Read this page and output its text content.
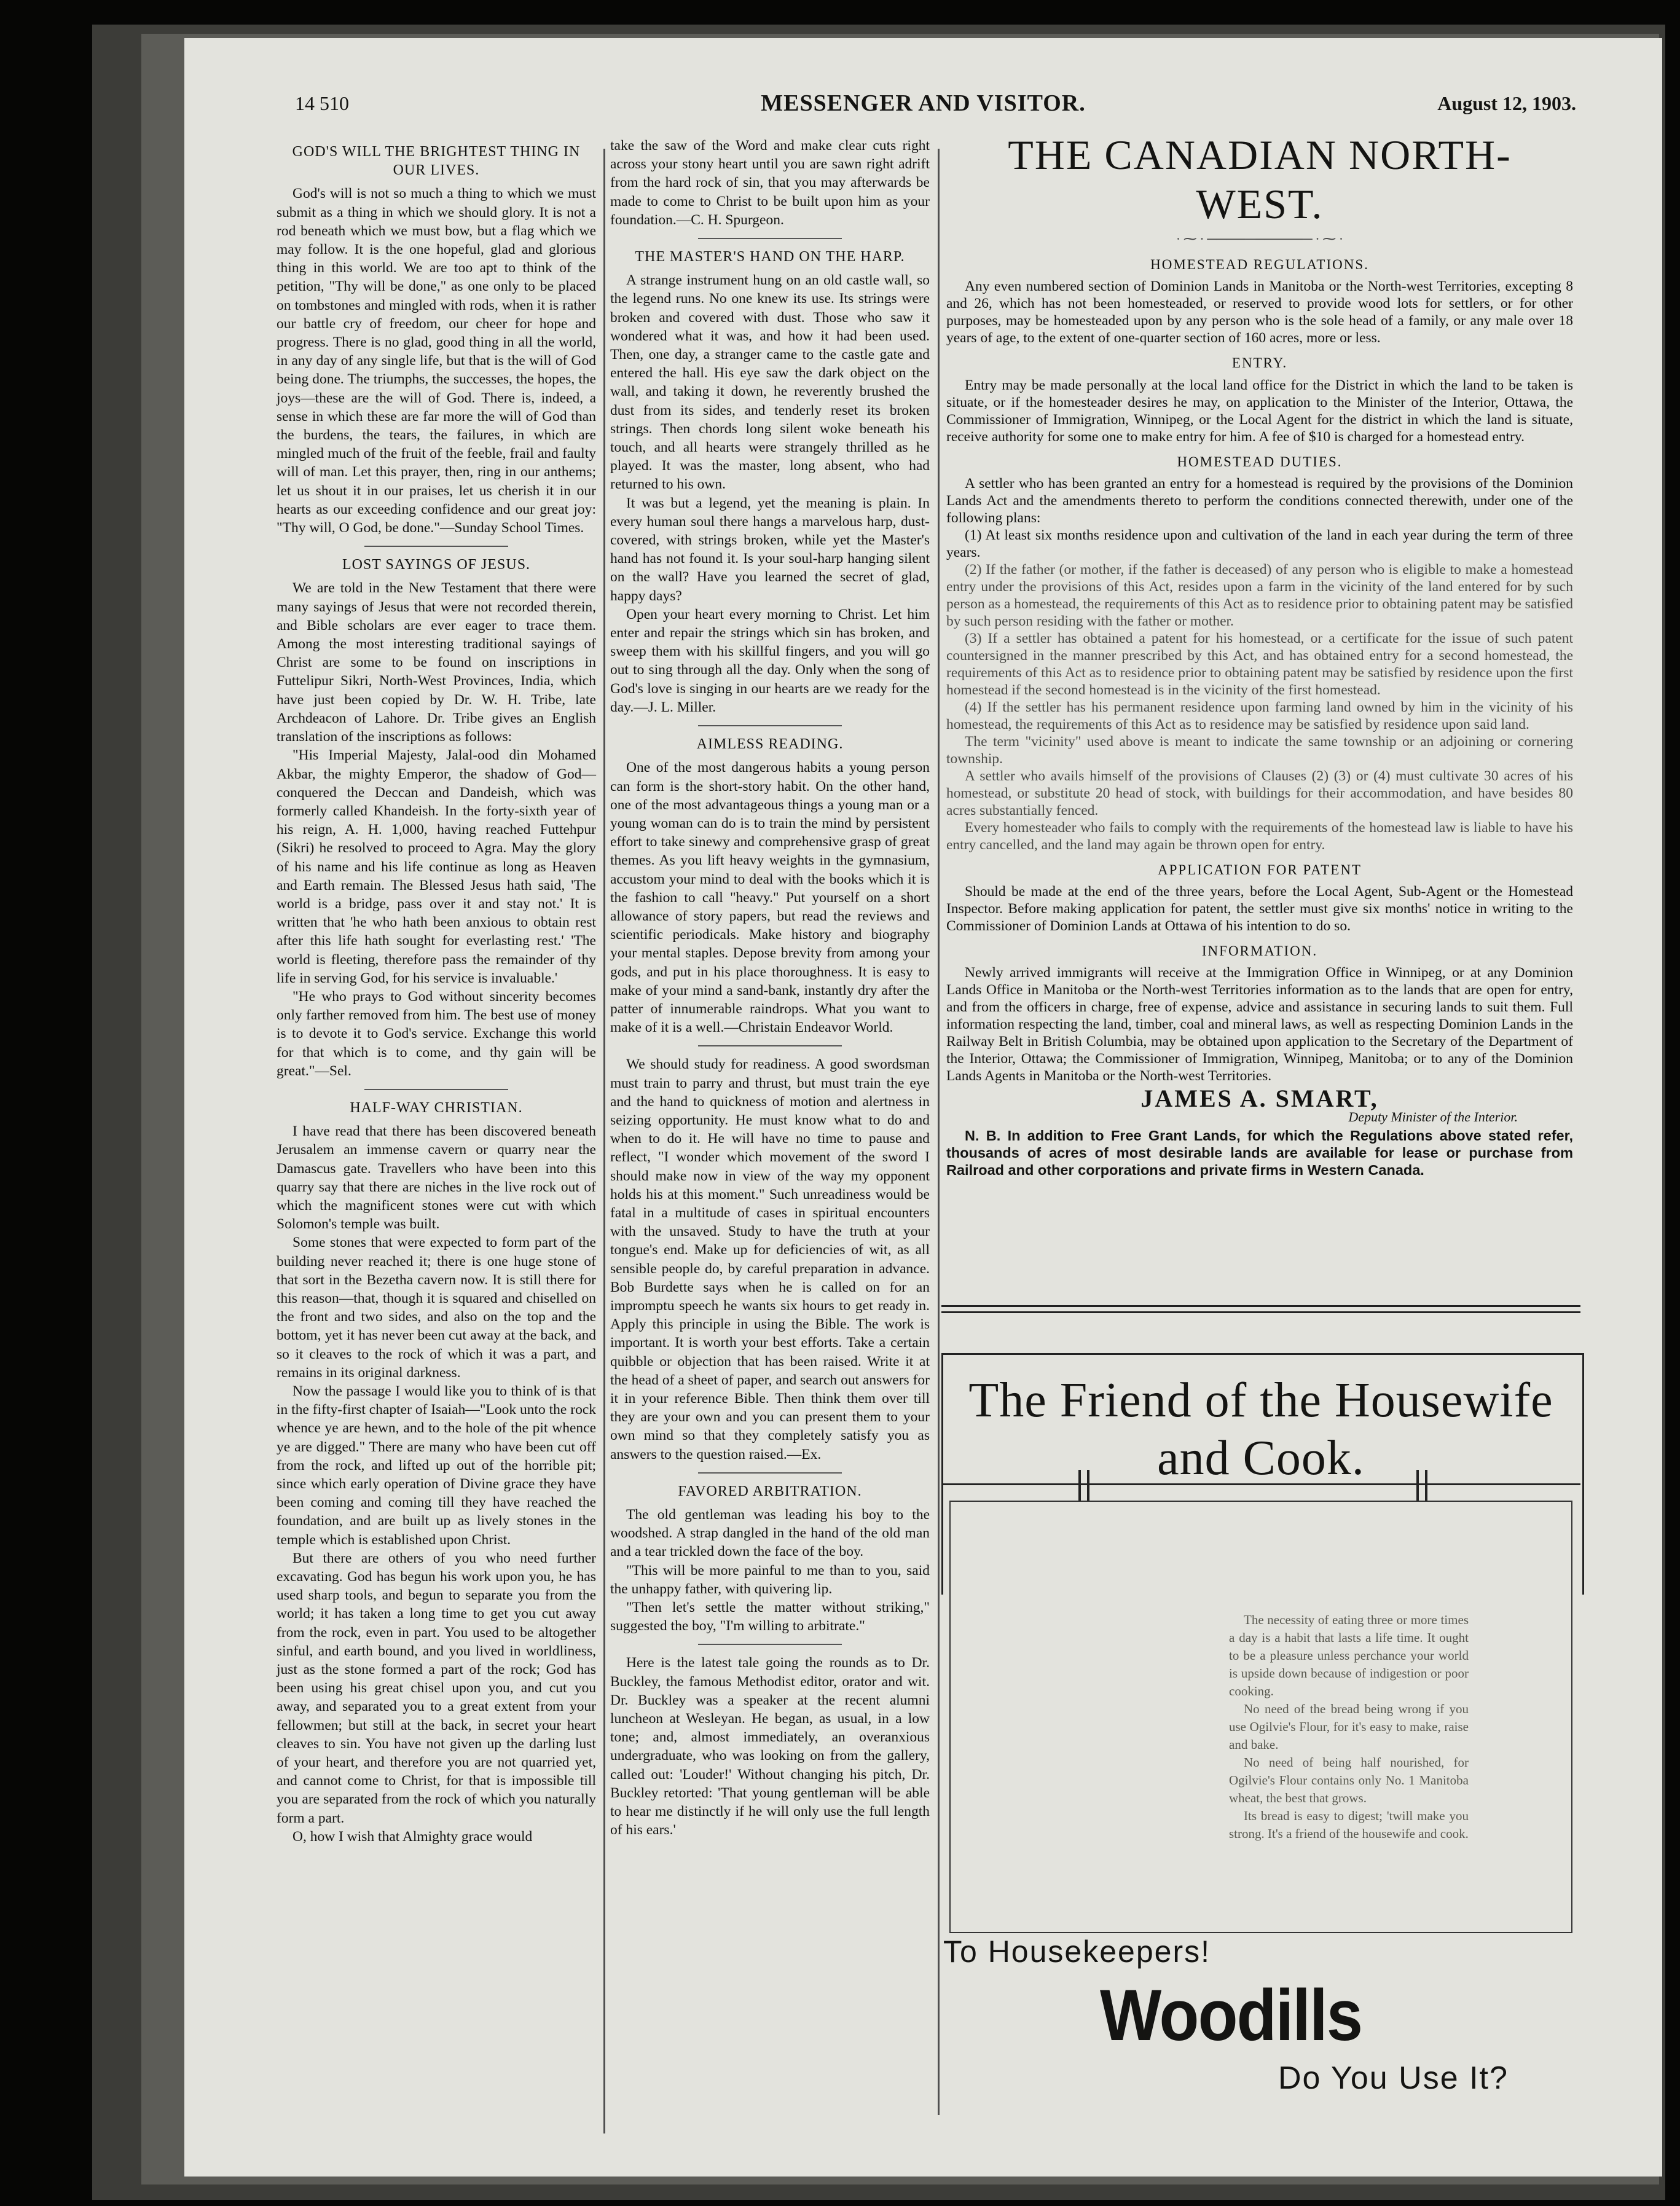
14 510	MESSENGER AND VISITOR.	August 12, 1903.
GOD'S WILL THE BRIGHTEST THING IN OUR LIVES.

God's will is not so much a thing to which we must submit as a thing in which we should glory. It is not a rod beneath which we must bow, but a flag which we may follow. It is the one hopeful, glad and glorious thing in this world. We are too apt to think of the petition, "Thy will be done," as one only to be placed on tombstones and mingled with rods, when it is rather our battle cry of freedom, our cheer for hope and progress. There is no glad, good thing in all the world, in any day of any single life, but that is the will of God being done. The triumphs, the successes, the hopes, the joys—these are the will of God. There is, indeed, a sense in which these are far more the will of God than the burdens, the tears, the failures, in which are mingled much of the fruit of the feeble, frail and faulty will of man. Let this prayer, then, ring in our anthems; let us shout it in our praises, let us cherish it in our hearts as our exceeding confidence and our great joy: "Thy will, O God, be done."—Sunday School Times.

LOST SAYINGS OF JESUS.

We are told in the New Testament that there were many sayings of Jesus that were not recorded therein, and Bible scholars are ever eager to trace them. Among the most interesting traditional sayings of Christ are some to be found on inscriptions in Futtelipur Sikri, North-West Provinces, India, which have just been copied by Dr. W. H. Tribe, late Archdeacon of Lahore. Dr. Tribe gives an English translation of the inscriptions as follows:

"His Imperial Majesty, Jalal-ood din Mohamed Akbar, the mighty Emperor, the shadow of God—conquered the Deccan and Dandeish, which was formerly called Khandeish. In the forty-sixth year of his reign, A. H. 1,000, having reached Futtehpur (Sikri) he resolved to proceed to Agra. May the glory of his name and his life continue as long as Heaven and Earth remain. The Blessed Jesus hath said, 'The world is a bridge, pass over it and stay not.' It is written that 'he who hath been anxious to obtain rest after this life hath sought for everlasting rest.' 'The world is fleeting, therefore pass the remainder of thy life in serving God, for his service is invaluable.'

"He who prays to God without sincerity becomes only farther removed from him. The best use of money is to devote it to God's service. Exchange this world for that which is to come, and thy gain will be great."—Sel.

HALF-WAY CHRISTIAN.

I have read that there has been discovered beneath Jerusalem an immense cavern or quarry near the Damascus gate. Travellers who have been into this quarry say that there are niches in the live rock out of which the magnificent stones were cut with which Solomon's temple was built.

Some stones that were expected to form part of the building never reached it; there is one huge stone of that sort in the Bezetha cavern now. It is still there for this reason—that, though it is squared and chiselled on the front and two sides, and also on the top and the bottom, yet it has never been cut away at the back, and so it cleaves to the rock of which it was a part, and remains in its original darkness.

Now the passage I would like you to think of is that in the fifty-first chapter of Isaiah—"Look unto the rock whence ye are hewn, and to the hole of the pit whence ye are digged." There are many who have been cut off from the rock, and lifted up out of the horrible pit; since which early operation of Divine grace they have been coming and coming till they have reached the foundation, and are built up as lively stones in the temple which is established upon Christ.

But there are others of you who need further excavating. God has begun his work upon you, he has used sharp tools, and begun to separate you from the world; it has taken a long time to get you cut away from the rock, even in part. You used to be altogether sinful, and earth bound, and you lived in worldliness, just as the stone formed a part of the rock; God has been using his great chisel upon you, and cut you away, and separated you to a great extent from your fellowmen; but still at the back, in secret your heart cleaves to sin. You have not given up the darling lust of your heart, and therefore you are not quarried yet, and cannot come to Christ, for that is impossible till you are separated from the rock of which you naturally form a part.

O, how I wish that Almighty grace would

take the saw of the Word and make clear cuts right across your stony heart until you are sawn right adrift from the hard rock of sin, that you may afterwards be made to come to Christ to be built upon him as your foundation.—C. H. Spurgeon.

THE MASTER'S HAND ON THE HARP.

A strange instrument hung on an old castle wall, so the legend runs. No one knew its use. Its strings were broken and covered with dust. Those who saw it wondered what it was, and how it had been used. Then, one day, a stranger came to the castle gate and entered the hall. His eye saw the dark object on the wall, and taking it down, he reverently brushed the dust from its sides, and tenderly reset its broken strings. Then chords long silent woke beneath his touch, and all hearts were strangely thrilled as he played. It was the master, long absent, who had returned to his own.

It was but a legend, yet the meaning is plain. In every human soul there hangs a marvelous harp, dust-covered, with strings broken, while yet the Master's hand has not found it. Is your soul-harp hanging silent on the wall? Have you learned the secret of glad, happy days?

Open your heart every morning to Christ. Let him enter and repair the strings which sin has broken, and sweep them with his skillful fingers, and you will go out to sing through all the day. Only when the song of God's love is singing in our hearts are we ready for the day.—J. L. Miller.

AIMLESS READING.

One of the most dangerous habits a young person can form is the short-story habit. On the other hand, one of the most advantageous things a young man or a young woman can do is to train the mind by persistent effort to take sinewy and comprehensive grasp of great themes. As you lift heavy weights in the gymnasium, accustom your mind to deal with the books which it is the fashion to call "heavy." Put yourself on a short allowance of story papers, but read the reviews and scientific periodicals. Make history and biography your mental staples. Depose brevity from among your gods, and put in his place thoroughness. It is easy to make of your mind a sand-bank, instantly dry after the patter of innumerable raindrops. What you want to make of it is a well.—Christain Endeavor World.

We should study for readiness. A good swordsman must train to parry and thrust, but must train the eye and the hand to quickness of motion and alertness in seizing opportunity. He must know what to do and when to do it. He will have no time to pause and reflect, "I wonder which movement of the sword I should make now in view of the way my opponent holds his at this moment." Such unreadiness would be fatal in a multitude of cases in spiritual encounters with the unsaved. Study to have the truth at your tongue's end. Make up for deficiencies of wit, as all sensible people do, by careful preparation in advance. Bob Burdette says when he is called on for an impromptu speech he wants six hours to get ready in. Apply this principle in using the Bible. The work is important. It is worth your best efforts. Take a certain quibble or objection that has been raised. Write it at the head of a sheet of paper, and search out answers for it in your reference Bible. Then think them over till they are your own and you can present them to your own mind so that they completely satisfy you as answers to the question raised.—Ex.

FAVORED ARBITRATION.

The old gentleman was leading his boy to the woodshed. A strap dangled in the hand of the old man and a tear trickled down the face of the boy.

"This will be more painful to me than to you, said the unhappy father, with quivering lip.

"Then let's settle the matter without striking," suggested the boy, "I'm willing to arbitrate."

Here is the latest tale going the rounds as to Dr. Buckley, the famous Methodist editor, orator and wit. Dr. Buckley was a speaker at the recent alumni luncheon at Wesleyan. He began, as usual, in a low tone; and, almost immediately, an overanxious undergraduate, who was looking on from the gallery, called out: 'Louder!' Without changing his pitch, Dr. Buckley retorted: 'That young gentleman will be able to hear me distinctly if he will only use the full length of his ears.'

THE CANADIAN NORTH-WEST.
∙ ⁓ ∙ ─────────── ∙ ⁓ ∙
HOMESTEAD REGULATIONS.

Any even numbered section of Dominion Lands in Manitoba or the North-west Territories, excepting 8 and 26, which has not been homesteaded, or reserved to provide wood lots for settlers, or for other purposes, may be homesteaded upon by any person who is the sole head of a family, or any male over 18 years of age, to the extent of one-quarter section of 160 acres, more or less.

ENTRY.

Entry may be made personally at the local land office for the District in which the land to be taken is situate, or if the homesteader desires he may, on application to the Minister of the Interior, Ottawa, the Commissioner of Immigration, Winnipeg, or the Local Agent for the district in which the land is situate, receive authority for some one to make entry for him. A fee of $10 is charged for a homestead entry.

HOMESTEAD DUTIES.

A settler who has been granted an entry for a homestead is required by the provisions of the Dominion Lands Act and the amendments thereto to perform the conditions connected therewith, under one of the following plans:

(1) At least six months residence upon and cultivation of the land in each year during the term of three years.

(2) If the father (or mother, if the father is deceased) of any person who is eligible to make a homestead entry under the provisions of this Act, resides upon a farm in the vicinity of the land entered for by such person as a homestead, the requirements of this Act as to residence prior to obtaining patent may be satisfied by such person residing with the father or mother.

(3) If a settler has obtained a patent for his homestead, or a certificate for the issue of such patent countersigned in the manner prescribed by this Act, and has obtained entry for a second homestead, the requirements of this Act as to residence prior to obtaining patent may be satisfied by residence upon the first homestead if the second homestead is in the vicinity of the first homestead.

(4) If the settler has his permanent residence upon farming land owned by him in the vicinity of his homestead, the requirements of this Act as to residence may be satisfied by residence upon said land.

The term "vicinity" used above is meant to indicate the same township or an adjoining or cornering township.

A settler who avails himself of the provisions of Clauses (2) (3) or (4) must cultivate 30 acres of his homestead, or substitute 20 head of stock, with buildings for their accommodation, and have besides 80 acres substantially fenced.

Every homesteader who fails to comply with the requirements of the homestead law is liable to have his entry cancelled, and the land may again be thrown open for entry.

APPLICATION FOR PATENT

Should be made at the end of the three years, before the Local Agent, Sub-Agent or the Homestead Inspector. Before making application for patent, the settler must give six months' notice in writing to the Commissioner of Dominion Lands at Ottawa of his intention to do so.

INFORMATION.

Newly arrived immigrants will receive at the Immigration Office in Winnipeg, or at any Dominion Lands Office in Manitoba or the North-west Territories information as to the lands that are open for entry, and from the officers in charge, free of expense, advice and assistance in securing lands to suit them. Full information respecting the land, timber, coal and mineral laws, as well as respecting Dominion Lands in the Railway Belt in British Columbia, may be obtained upon application to the Secretary of the Department of the Interior, Ottawa; the Commissioner of Immigration, Winnipeg, Manitoba; or to any of the Dominion Lands Agents in Manitoba or the North-west Territories.

JAMES A. SMART,
Deputy Minister of the Interior.

N. B. In addition to Free Grant Lands, for which the Regulations above stated refer, thousands of acres of most desirable lands are available for lease or purchase from Railroad and other corporations and private firms in Western Canada.

The Friend of the Housewife and Cook.

The necessity of eating three or more times a day is a habit that lasts a life time. It ought to be a pleasure unless perchance your world is upside down because of indigestion or poor cooking.

No need of the bread being wrong if you use Ogilvie's Flour, for it's easy to make, raise and bake.

No need of being half nourished, for Ogilvie's Flour contains only No. 1 Manitoba wheat, the best that grows.

Its bread is easy to digest; 'twill make you strong. It's a friend of the housewife and cook.

To Housekeepers!
Woodills
Do You Use It?
